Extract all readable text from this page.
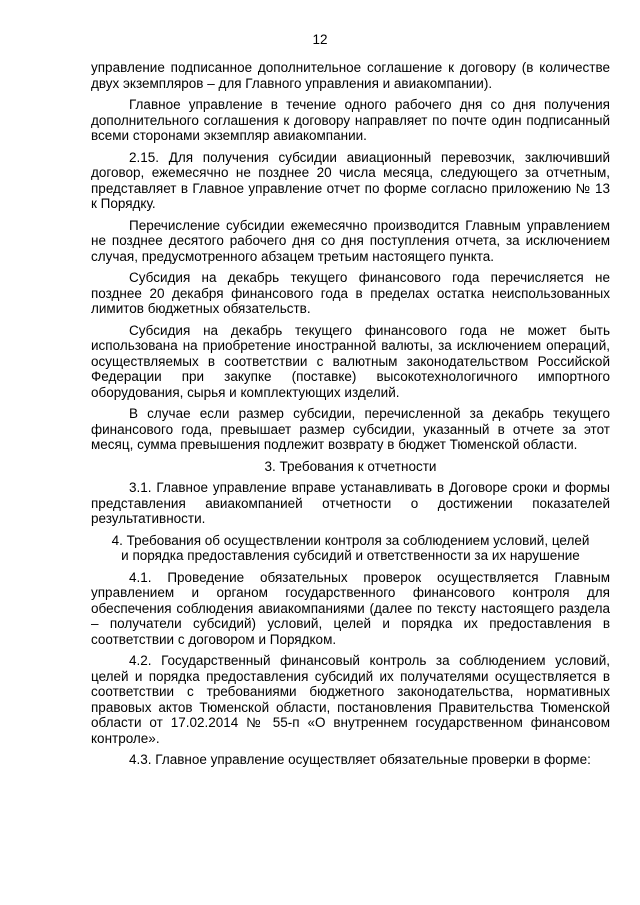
12

управление подписанное дополнительное соглашение к договору (в количестве двух экземпляров – для Главного управления и авиакомпании).

Главное управление в течение одного рабочего дня со дня получения дополнительного соглашения к договору направляет по почте один подписанный всеми сторонами экземпляр авиакомпании.

2.15. Для получения субсидии авиационный перевозчик, заключивший договор, ежемесячно не позднее 20 числа месяца, следующего за отчетным, представляет в Главное управление отчет по форме согласно приложению № 13 к Порядку.

Перечисление субсидии ежемесячно производится Главным управлением не позднее десятого рабочего дня со дня поступления отчета, за исключением случая, предусмотренного абзацем третьим настоящего пункта.

Субсидия на декабрь текущего финансового года перечисляется не позднее 20 декабря финансового года в пределах остатка неиспользованных лимитов бюджетных обязательств.

Субсидия на декабрь текущего финансового года не может быть использована на приобретение иностранной валюты, за исключением операций, осуществляемых в соответствии с валютным законодательством Российской Федерации при закупке (поставке) высокотехнологичного импортного оборудования, сырья и комплектующих изделий.

В случае если размер субсидии, перечисленной за декабрь текущего финансового года, превышает размер субсидии, указанный в отчете за этот месяц, сумма превышения подлежит возврату в бюджет Тюменской области.

3. Требования к отчетности

3.1. Главное управление вправе устанавливать в Договоре сроки и формы представления авиакомпанией отчетности о достижении показателей результативности.

4. Требования об осуществлении контроля за соблюдением условий, целей и порядка предоставления субсидий и ответственности за их нарушение

4.1. Проведение обязательных проверок осуществляется Главным управлением и органом государственного финансового контроля для обеспечения соблюдения авиакомпаниями (далее по тексту настоящего раздела – получатели субсидий) условий, целей и порядка их предоставления в соответствии с договором и Порядком.

4.2. Государственный финансовый контроль за соблюдением условий, целей и порядка предоставления субсидий их получателями осуществляется в соответствии с требованиями бюджетного законодательства, нормативных правовых актов Тюменской области, постановления Правительства Тюменской области от 17.02.2014 № 55-п «О внутреннем государственном финансовом контроле».

4.3. Главное управление осуществляет обязательные проверки в форме:
